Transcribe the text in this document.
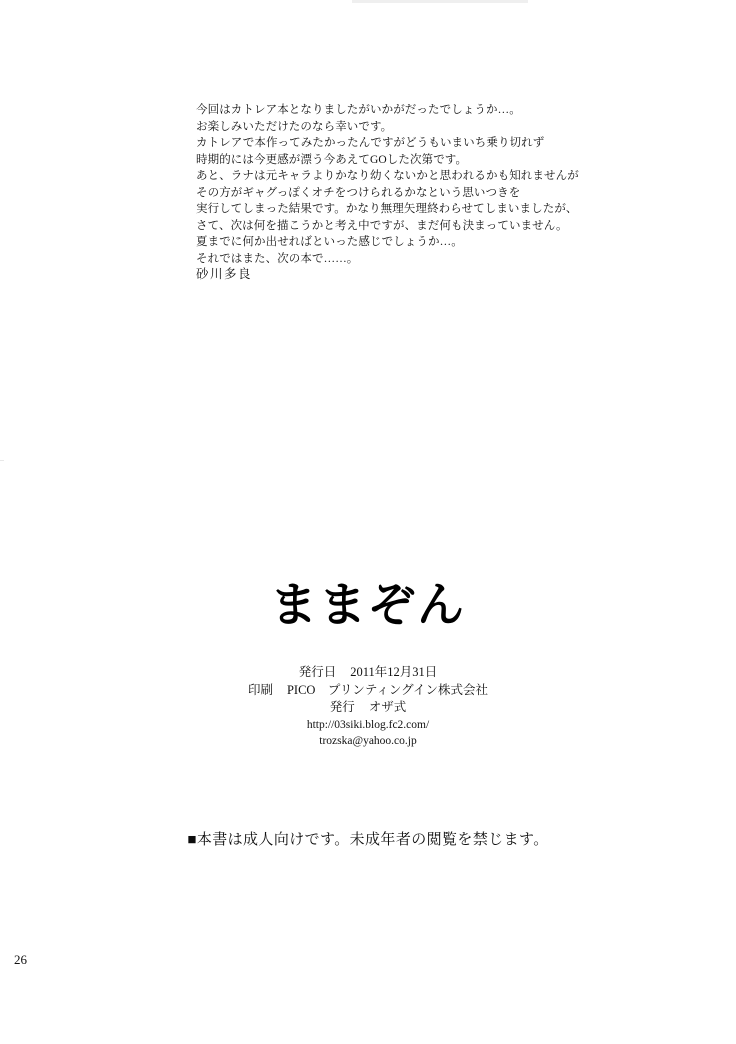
今回はカトレア本となりましたがいかがだったでしょうか…。
お楽しみいただけたのなら幸いです。
カトレアで本作ってみたかったんですがどうもいまいち乗り切れず
時期的には今更感が漂う今あえてGOした次第です。
あと、ラナは元キャラよりかなり幼くないかと思われるかも知れませんが
その方がギャグっぽくオチをつけられるかなという思いつきを
実行してしまった結果です。かなり無理矢理終わらせてしまいましたが、
さて、次は何を描こうかと考え中ですが、まだ何も決まっていません。
夏までに何か出せればといった感じでしょうか…。
それではまた、次の本で……。
砂川多良
ままぞん
発行日 2011年12月31日
印刷 PICO　プリンティングイン株式会社
発行 オザ式
http://03siki.blog.fc2.com/
trozska@yahoo.co.jp
■本書は成人向けです。未成年者の閲覧を禁じます。
26
